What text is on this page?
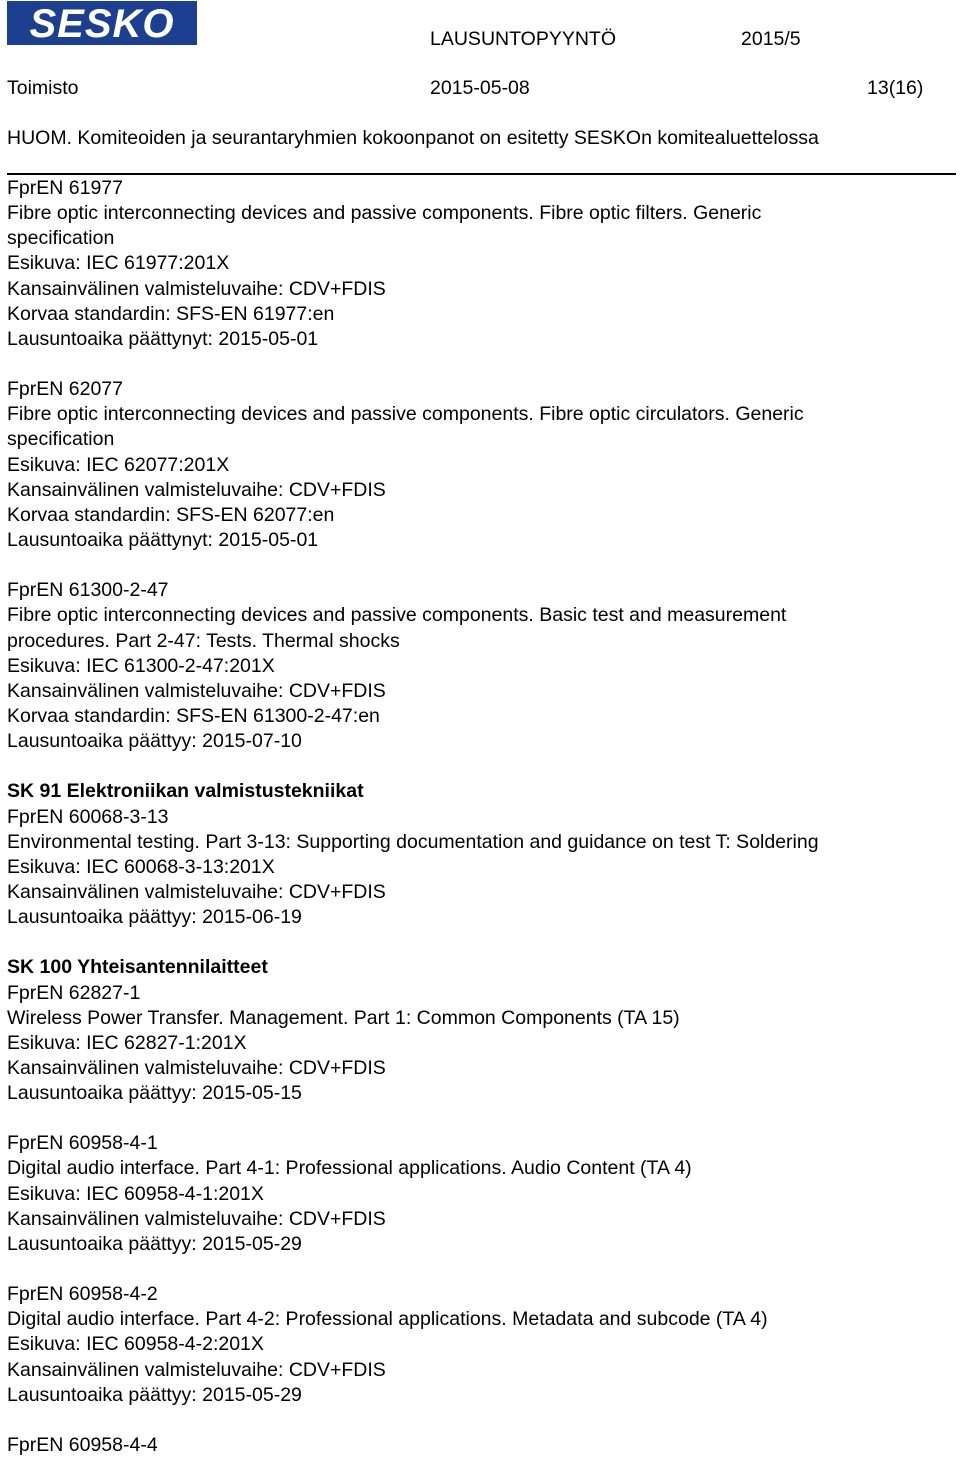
SESKO	LAUSUNTOPYYNTÖ	2015/5
Toimisto	2015-05-08	13(16)
HUOM. Komiteoiden ja seurantaryhmien kokoonpanot on esitetty SESKOn komitealuettelossa
FprEN 61977
Fibre optic interconnecting devices and passive components. Fibre optic filters. Generic
specification
Esikuva: IEC 61977:201X
Kansainvälinen valmisteluvaihe: CDV+FDIS
Korvaa standardin: SFS-EN 61977:en
Lausuntoaika päättynyt: 2015-05-01
FprEN 62077
Fibre optic interconnecting devices and passive components. Fibre optic circulators. Generic
specification
Esikuva: IEC 62077:201X
Kansainvälinen valmisteluvaihe: CDV+FDIS
Korvaa standardin: SFS-EN 62077:en
Lausuntoaika päättynyt: 2015-05-01
FprEN 61300-2-47
Fibre optic interconnecting devices and passive components. Basic test and measurement
procedures. Part 2-47: Tests. Thermal shocks
Esikuva: IEC 61300-2-47:201X
Kansainvälinen valmisteluvaihe: CDV+FDIS
Korvaa standardin: SFS-EN 61300-2-47:en
Lausuntoaika päättyy: 2015-07-10
SK 91 Elektroniikan valmistustekniikat
FprEN 60068-3-13
Environmental testing. Part 3-13: Supporting documentation and guidance on test T: Soldering
Esikuva: IEC 60068-3-13:201X
Kansainvälinen valmisteluvaihe: CDV+FDIS
Lausuntoaika päättyy: 2015-06-19
SK 100 Yhteisantennilaitteet
FprEN 62827-1
Wireless Power Transfer. Management. Part 1: Common Components (TA 15)
Esikuva: IEC 62827-1:201X
Kansainvälinen valmisteluvaihe: CDV+FDIS
Lausuntoaika päättyy: 2015-05-15
FprEN 60958-4-1
Digital audio interface. Part 4-1: Professional applications. Audio Content (TA 4)
Esikuva: IEC 60958-4-1:201X
Kansainvälinen valmisteluvaihe: CDV+FDIS
Lausuntoaika päättyy: 2015-05-29
FprEN 60958-4-2
Digital audio interface. Part 4-2: Professional applications. Metadata and subcode (TA 4)
Esikuva: IEC 60958-4-2:201X
Kansainvälinen valmisteluvaihe: CDV+FDIS
Lausuntoaika päättyy: 2015-05-29
FprEN 60958-4-4
